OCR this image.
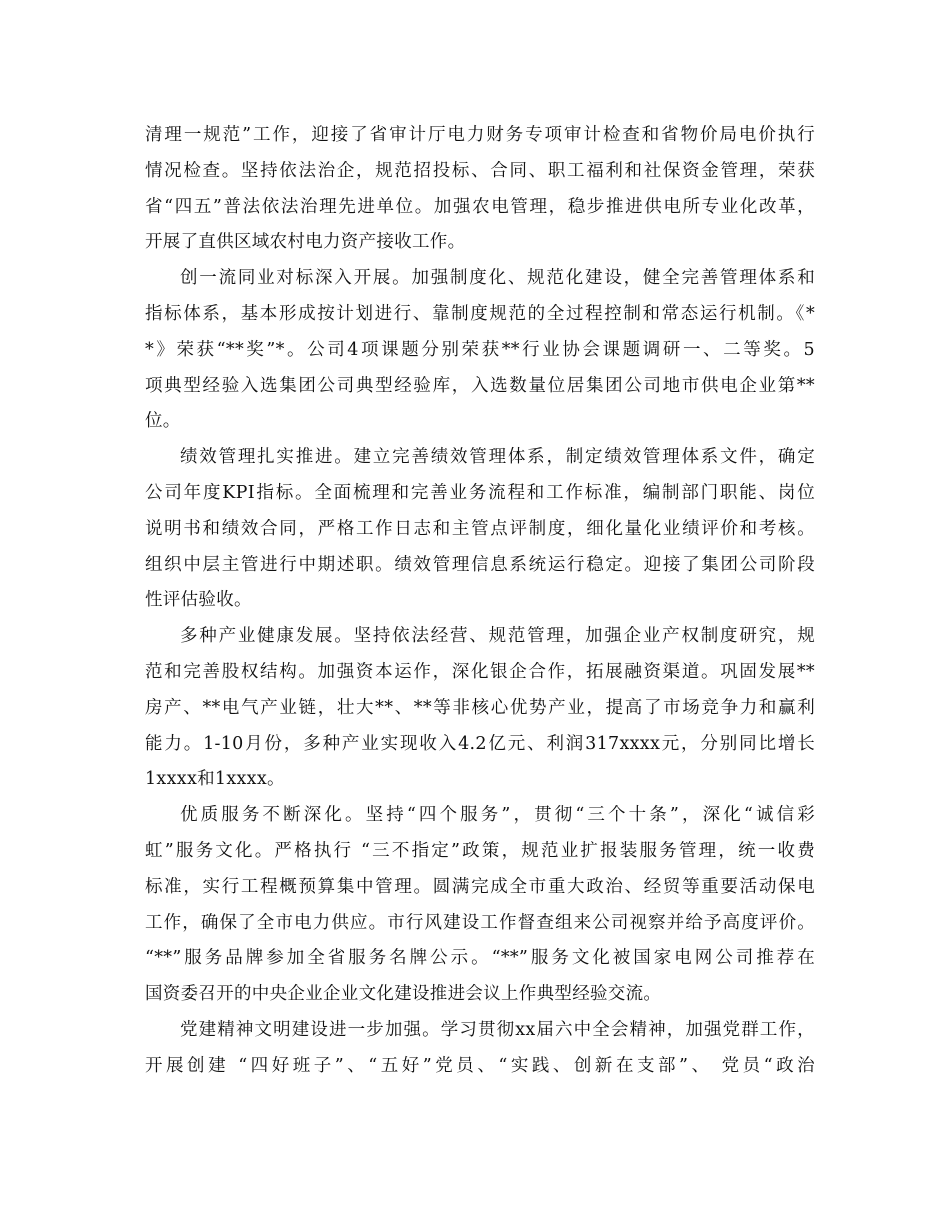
清理一规范”工作，迎接了省审计厅电力财务专项审计检查和省物价局电价执行
情况检查。坚持依法治企，规范招投标、合同、职工福利和社保资金管理，荣获
省“四五”普法依法治理先进单位。加强农电管理，稳步推进供电所专业化改革，
开展了直供区域农村电力资产接收工作。
创一流同业对标深入开展。加强制度化、规范化建设，健全完善管理体系和
指标体系，基本形成按计划进行、靠制度规范的全过程控制和常态运行机制。《*
*》荣获“**奖”*。公司4项课题分别荣获**行业协会课题调研一、二等奖。5
项典型经验入选集团公司典型经验库，入选数量位居集团公司地市供电企业第**
位。
绩效管理扎实推进。建立完善绩效管理体系，制定绩效管理体系文件，确定
公司年度KPI指标。全面梳理和完善业务流程和工作标准，编制部门职能、岗位
说明书和绩效合同，严格工作日志和主管点评制度，细化量化业绩评价和考核。
组织中层主管进行中期述职。绩效管理信息系统运行稳定。迎接了集团公司阶段
性评估验收。
多种产业健康发展。坚持依法经营、规范管理，加强企业产权制度研究，规
范和完善股权结构。加强资本运作，深化银企合作，拓展融资渠道。巩固发展**
房产、**电气产业链，壮大**、**等非核心优势产业，提高了市场竞争力和赢利
能力。1-10月份，多种产业实现收入4.2亿元、利润317xxxx元，分别同比增长
1xxxx和1xxxx。
优质服务不断深化。坚持“四个服务”，贯彻“三个十条”，深化“诚信彩
虹”服务文化。严格执行 “三不指定”政策，规范业扩报装服务管理，统一收费
标准，实行工程概预算集中管理。圆满完成全市重大政治、经贸等重要活动保电
工作，确保了全市电力供应。市行风建设工作督查组来公司视察并给予高度评价。
“**”服务品牌参加全省服务名牌公示。“**”服务文化被国家电网公司推荐在
国资委召开的中央企业企业文化建设推进会议上作典型经验交流。
党建精神文明建设进一步加强。学习贯彻xx届六中全会精神，加强党群工作，
开展创建 “四好班子”、“五好”党员、“实践、创新在支部”、 党员“政治
